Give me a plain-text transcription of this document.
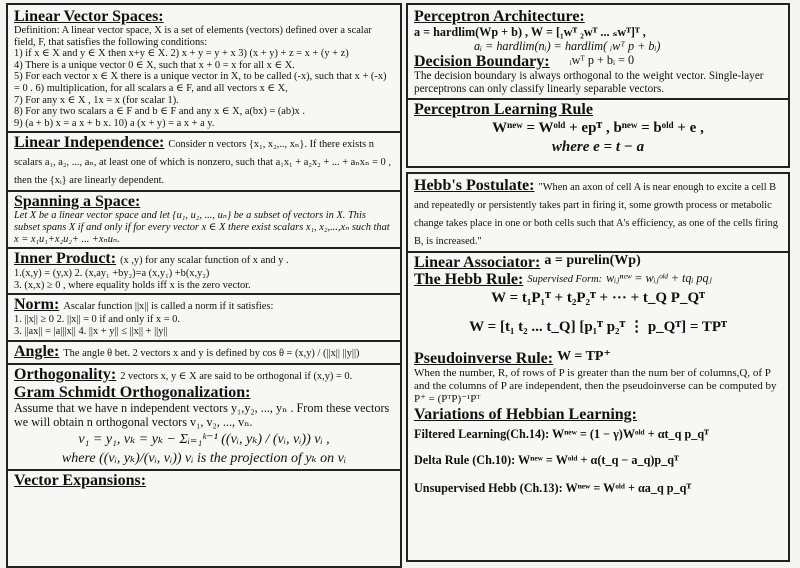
Linear Vector Spaces:

Definition: A linear vector space, X is a set of elements (vectors) defined over a scalar field, F, that satisfies the following conditions:

1) if x ∈ X and y ∈ X then x+y ∈ X. 2) x + y = y + x 3) (x + y) + z = x + (y + z)

4) There is a unique vector 0 ∈ X, such that x + 0 = x for all x ∈ X.

5) For each vector x ∈ X there is a unique vector in X, to be called (-x), such that x + (-x) = 0 . 6) multiplication, for all scalars a ∈ F, and all vectors x ∈ X,

7) For any x ∈ X , 1x = x (for scalar 1).

8) For any two scalars a ∈ F and b ∈ F and any x ∈ X, a(bx) = (ab)x .

9) (a + b) x = a x + b x. 10) a (x + y) = a x + a y.

Linear Independence: Consider n vectors {x₁, x₂,.., xₙ}. If there exists n scalars a₁, a₂, ..., aₙ, at least one of which is nonzero, such that a₁x₁ + a₂x₂ + ... + aₙxₙ = 0 , then the {xᵢ} are linearly dependent.
Spanning a Space:

Let X be a linear vector space and let {u₁, u₂, ..., uₙ} be a subset of vectors in X. This subset spans X if and only if for every vector x ∈ X there exist scalars x₁, x₂,...,xₙ such that x = x₁u₁+x₂u₂+ ... +xₙuₙ.

Inner Product: (x ,y) for any scalar function of x and y .

1.(x,y) = (y,x) 2. (x,ay₁ +by₂)=a (x,y₁) +b(x,y₂)

3. (x,x) ≥ 0 , where equality holds iff x is the zero vector.

Norm: Ascalar function ||x|| is called a norm if it satisfies:

1. ||x|| ≥ 0 2. ||x|| = 0 if and only if x = 0.

3. ||ax|| = |a|||x|| 4. ||x + y|| ≤ ||x|| + ||y||

Angle: The angle θ bet. 2 vectors x and y is defined by cos θ = (x,y) / (||x|| ||y||)
Orthogonality: 2 vectors x, y ∈ X are said to be orthogonal if (x,y) = 0.
Gram Schmidt Orthogonalization:

Assume that we have n independent vectors y₁,y₂, ..., yₙ . From these vectors we will obtain n orthogonal vectors v₁, v₂, ..., vₙ.

v₁ = y₁, vₖ = yₖ − Σᵢ₌₁ᵏ⁻¹ ((vᵢ, yₖ) / (vᵢ, vᵢ)) vᵢ ,

where ((vᵢ, yₖ)/(vᵢ, vᵢ)) vᵢ is the projection of yₖ on vᵢ

Vector Expansions:
Perceptron Architecture:

a = hardlim(Wp + b) , W = [₁wᵀ ₂wᵀ ... ₛwᵀ]ᵀ ,

aᵢ = hardlim(nᵢ) = hardlim( ᵢwᵀ p + bᵢ)

Decision Boundary:	ᵢwᵀ p + bᵢ = 0

The decision boundary is always orthogonal to the weight vector. Single-layer perceptrons can only classify linearly separable vectors.

Perceptron Learning Rule

Wⁿᵉʷ = Wᵒˡᵈ + epᵀ , bⁿᵉʷ = bᵒˡᵈ + e ,

where e = t − a

Hebb's Postulate: "When an axon of cell A is near enough to excite a cell B and repeatedly or persistently takes part in firing it, some growth process or metabolic change takes place in one or both cells such that A's efficiency, as one of the cells firing B, is increased."
Linear Associator: a = purelin(Wp)
The Hebb Rule: Supervised Form: wᵢⱼⁿᵉʷ = wᵢⱼᵒˡᵈ + tqᵢ pqⱼ

W = t₁P₁ᵀ + t₂P₂ᵀ + ··· + t_Q P_Qᵀ

W = [t₁ t₂ ... t_Q] [p₁ᵀ p₂ᵀ ⋮ p_Qᵀ] = TPᵀ

Pseudoinverse Rule: W = TP⁺

When the number, R, of rows of P is greater than the num ber of columns,Q, of P and the columns of P are independent, then the pseudoinverse can be computed by P⁺ = (PᵀP)⁻¹Pᵀ

Variations of Hebbian Learning:

Filtered Learning(Ch.14): Wⁿᵉʷ = (1 − γ)Wᵒˡᵈ + αt_q p_qᵀ

Delta Rule (Ch.10): Wⁿᵉʷ = Wᵒˡᵈ + α(t_q − a_q)p_qᵀ

Unsupervised Hebb (Ch.13): Wⁿᵉʷ = Wᵒˡᵈ + αa_q p_qᵀ
